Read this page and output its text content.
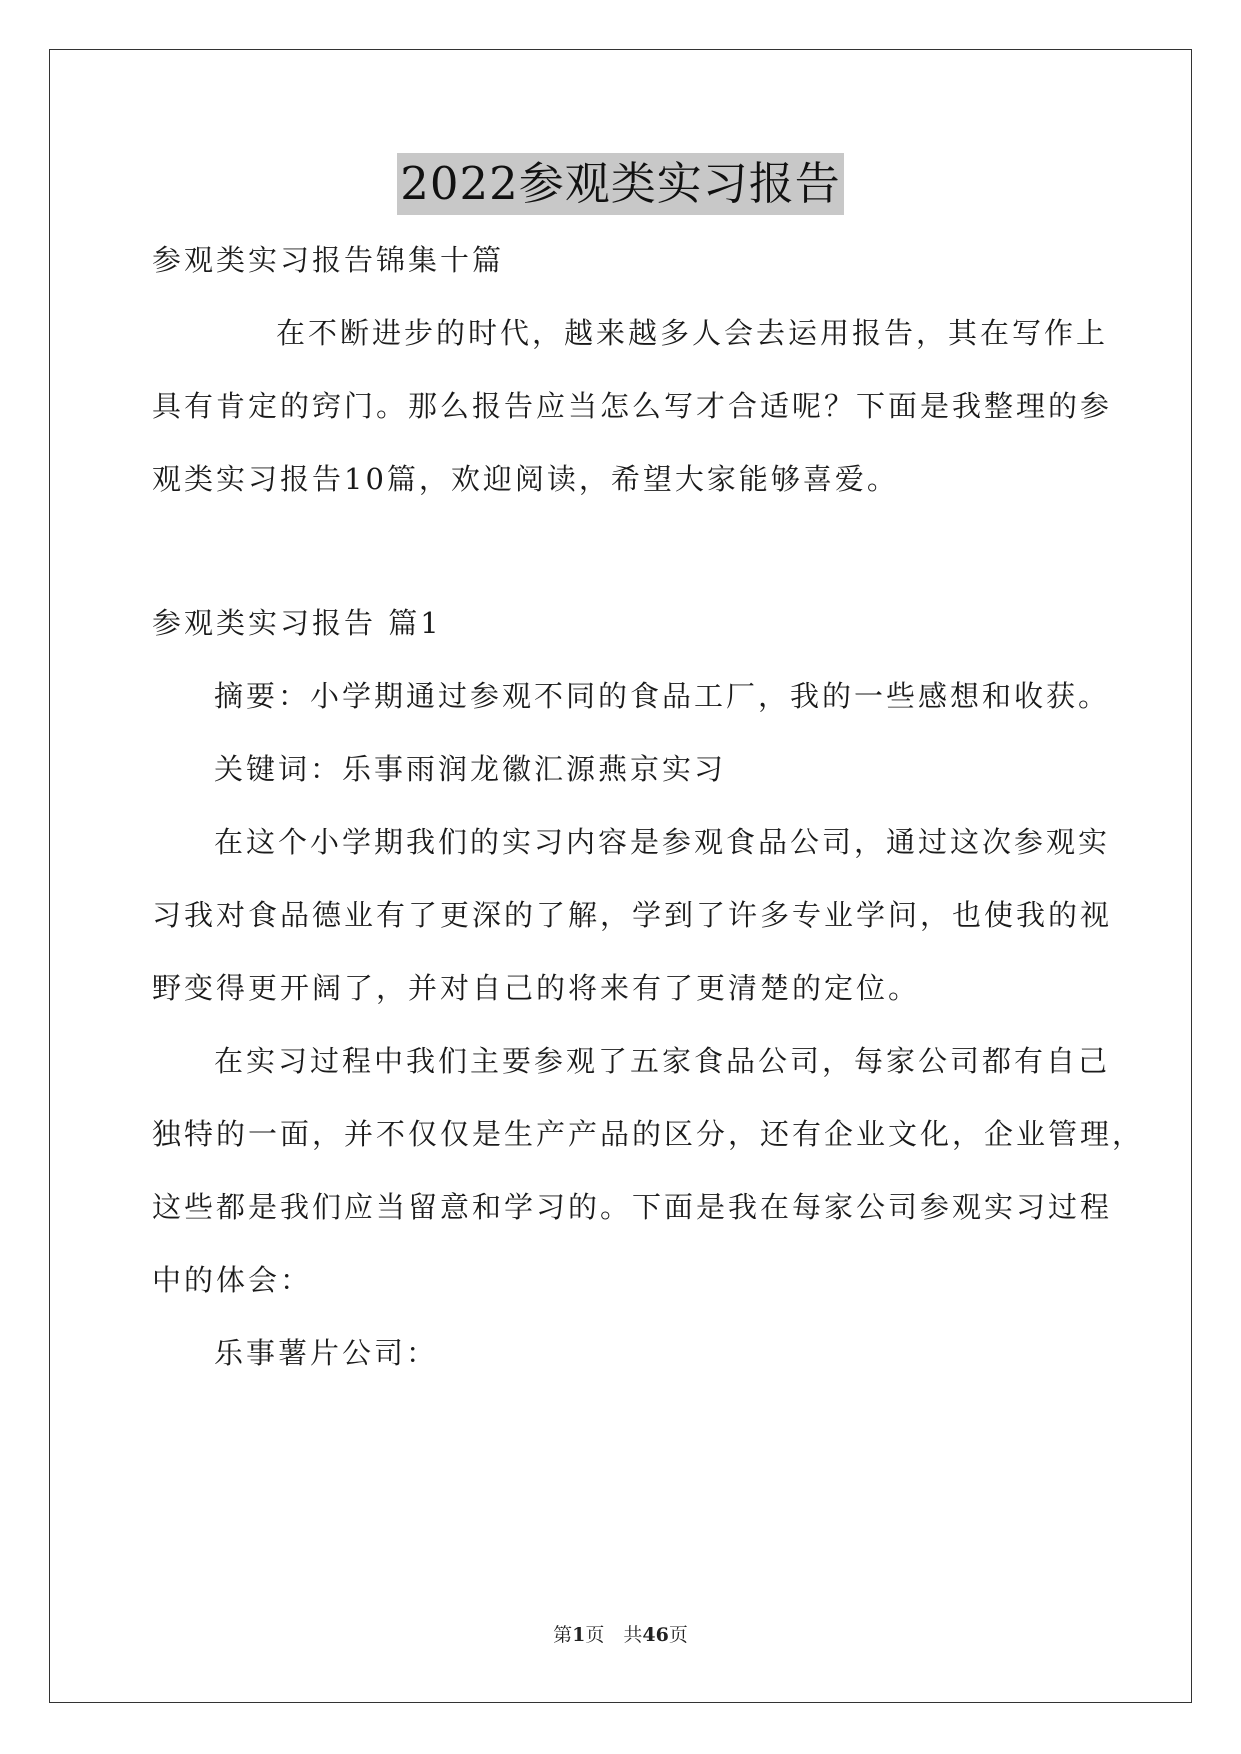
2022参观类实习报告
参观类实习报告锦集十篇
在不断进步的时代，越来越多人会去运用报告，其在写作上
具有肯定的窍门。那么报告应当怎么写才合适呢？下面是我整理的参
观类实习报告10篇，欢迎阅读，希望大家能够喜爱。
参观类实习报告 篇1
摘要：小学期通过参观不同的食品工厂，我的一些感想和收获。
关键词：乐事雨润龙徽汇源燕京实习
在这个小学期我们的实习内容是参观食品公司，通过这次参观实
习我对食品德业有了更深的了解，学到了许多专业学问，也使我的视
野变得更开阔了，并对自己的将来有了更清楚的定位。
在实习过程中我们主要参观了五家食品公司，每家公司都有自己
独特的一面，并不仅仅是生产产品的区分，还有企业文化，企业管理，
这些都是我们应当留意和学习的。下面是我在每家公司参观实习过程
中的体会：
乐事薯片公司：
第1页　共46页
